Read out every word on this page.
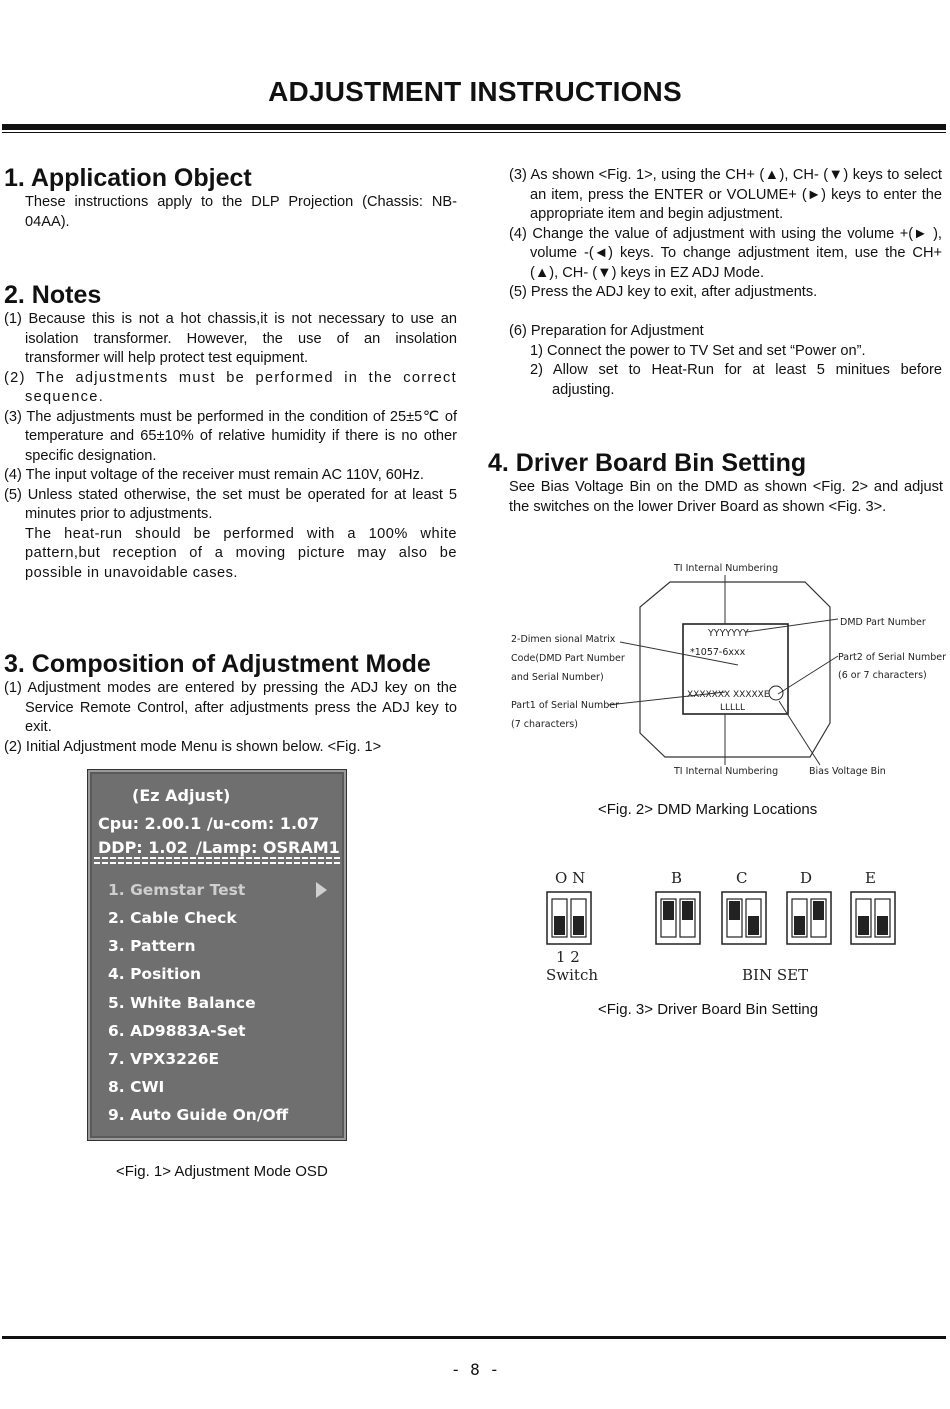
ADJUSTMENT INSTRUCTIONS
1. Application Object
These instructions apply to the DLP Projection (Chassis: NB-04AA).
2. Notes
(1) Because this is not a hot chassis,it is not necessary to use an isolation transformer. However, the use of an insolation transformer will help protect test equipment.
(2) The adjustments must be performed in the correct sequence.
(3) The adjustments must be performed in the condition of 25±5℃ of temperature and 65±10% of relative humidity if there is no other specific designation.
(4) The input voltage of the receiver must remain AC 110V, 60Hz.
(5) Unless stated otherwise, the set must be operated for at least 5 minutes prior to adjustments.
The heat-run should be performed with a 100% white pattern,but reception of a moving picture may also be possible in unavoidable cases.
3. Composition of Adjustment Mode
(1) Adjustment modes are entered by pressing the ADJ key on the Service Remote Control, after adjustments press the ADJ key to exit.
(2) Initial Adjustment mode Menu is shown below. <Fig. 1>
(Ez Adjust)
Cpu: 2.00.1 /u-com: 1.07
DDP: 1.02 /Lamp: OSRAM1
1. Gemstar Test
2. Cable Check
3. Pattern
4. Position
5. White Balance
6. AD9883A-Set
7. VPX3226E
8. CWI
9. Auto Guide On/Off
<Fig. 1> Adjustment Mode OSD
(3) As shown <Fig. 1>, using the CH+ (▲), CH- (▼) keys to select an item, press the ENTER or VOLUME+ (►) keys to enter the appropriate item and begin adjustment.
(4) Change the value of adjustment with using the volume +(► ), volume -(◄) keys. To change adjustment item, use the CH+ (▲), CH- (▼) keys in EZ ADJ Mode.
(5) Press the ADJ key to exit, after adjustments.
(6) Preparation for Adjustment
1) Connect the power to TV Set and set “Power on”.
2) Allow set to Heat-Run for at least 5 minitues before adjusting.
4. Driver Board Bin Setting
See Bias Voltage Bin on the DMD as shown <Fig. 2> and adjust the switches on the lower Driver Board as shown <Fig. 3>.
TI Internal Numbering
YYYYYYY
*1057-6xxx
XXXXXXX XXXXXE
LLLLL
DMD Part Number
Part2 of Serial Number
(6 or 7 characters)
2-Dimen sional Matrix
Code(DMD Part Number
and Serial Number)
Part1 of Serial Number
(7 characters)
TI Internal Numbering	Bias Voltage Bin
<Fig. 2> DMD Marking Locations
O N	B	C	D	E
1 2
Switch	BIN SET
<Fig. 3> Driver Board Bin Setting
- 8 -
